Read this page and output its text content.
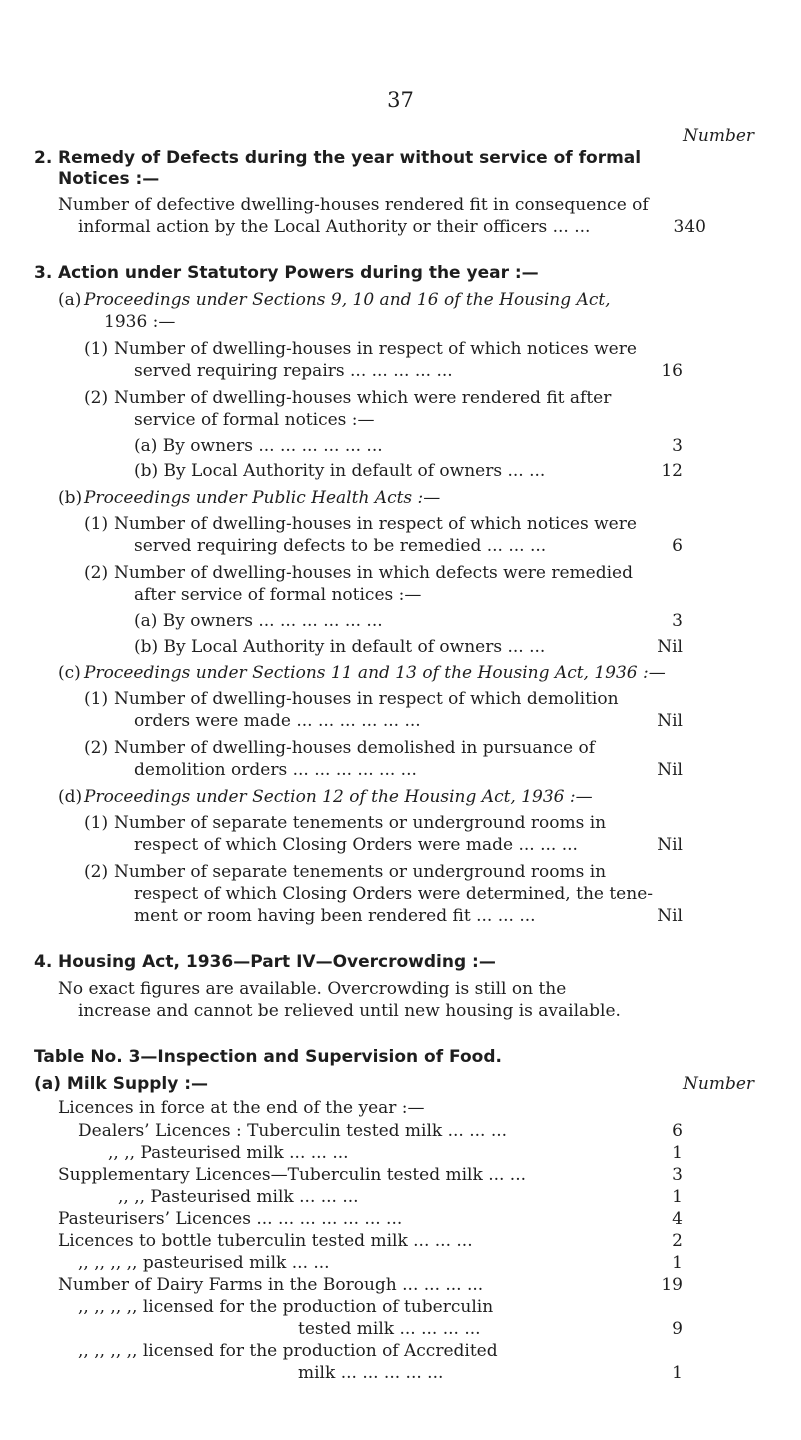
37
Number
2. Remedy of Defects during the year without service of formal
Notices :—
Number of defective dwelling-houses rendered fit in consequence of
informal action by the Local Authority or their officers ... ...	340
3. Action under Statutory Powers during the year :—
(a) Proceedings under Sections 9, 10 and 16 of the Housing Act,
1936 :—
(1) Number of dwelling-houses in respect of which notices were
served requiring repairs ... ... ... ... ...	16
(2) Number of dwelling-houses which were rendered fit after
service of formal notices :—
(a) By owners ... ... ... ... ... ...	3
(b) By Local Authority in default of owners ... ...	12
(b) Proceedings under Public Health Acts :—
(1) Number of dwelling-houses in respect of which notices were
served requiring defects to be remedied ... ... ...	6
(2) Number of dwelling-houses in which defects were remedied
after service of formal notices :—
(a) By owners ... ... ... ... ... ...	3
(b) By Local Authority in default of owners ... ...	Nil
(c) Proceedings under Sections 11 and 13 of the Housing Act, 1936 :—
(1) Number of dwelling-houses in respect of which demolition
orders were made ... ... ... ... ... ...	Nil
(2) Number of dwelling-houses demolished in pursuance of
demolition orders ... ... ... ... ... ...	Nil
(d) Proceedings under Section 12 of the Housing Act, 1936 :—
(1) Number of separate tenements or underground rooms in
respect of which Closing Orders were made ... ... ...	Nil
(2) Number of separate tenements or underground rooms in
respect of which Closing Orders were determined, the tene-
ment or room having been rendered fit ... ... ...	Nil
4. Housing Act, 1936—Part IV—Overcrowding :—
No exact figures are available. Overcrowding is still on the
increase and cannot be relieved until new housing is available.
Table No. 3—Inspection and Supervision of Food.
(a) Milk Supply :—	Number
Licences in force at the end of the year :—
Dealers’ Licences : Tuberculin tested milk ... ... ...	6
,, ,, Pasteurised milk ... ... ...	1
Supplementary Licences—Tuberculin tested milk ... ...	3
,, ,, Pasteurised milk ... ... ...	1
Pasteurisers’ Licences ... ... ... ... ... ... ...	4
Licences to bottle tuberculin tested milk ... ... ...	2
,, ,, ,, ,, pasteurised milk ... ...	1
Number of Dairy Farms in the Borough ... ... ... ...	19
,, ,, ,, ,, licensed for the production of tuberculin
tested milk ... ... ... ...	9
,, ,, ,, ,, licensed for the production of Accredited
milk ... ... ... ... ...	1
